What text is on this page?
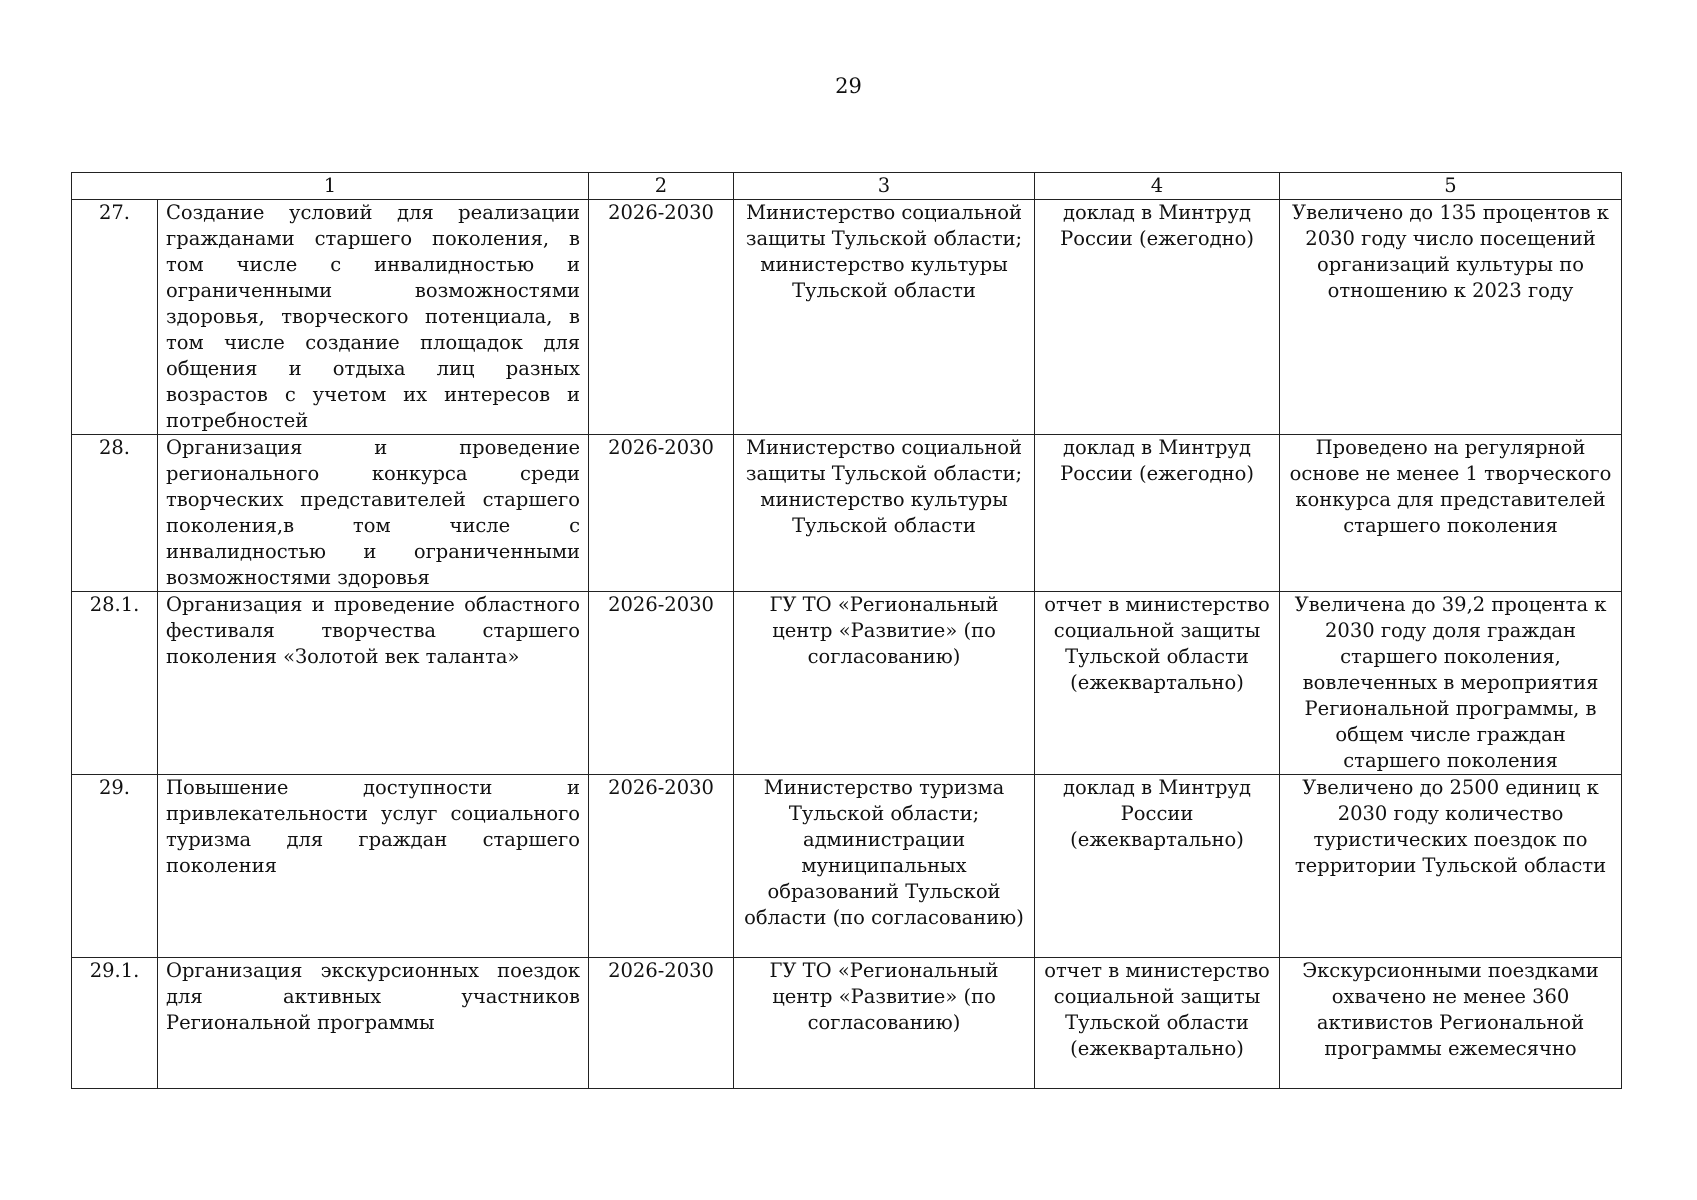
29
1		2	3	4	5
27.	Создание условий для реализации гражданами старшего поколения, в том числе с инвалидностью и ограниченными возможностями здоровья, творческого потенциала, в том числе создание площадок для общения и отдыха лиц разных возрастов с учетом их интересов и потребностей	2026-2030	Министерство социальной защиты Тульской области; министерство культуры Тульской области	доклад в Минтруд России (ежегодно)	Увеличено до 135 процентов к 2030 году число посещений организаций культуры по отношению к 2023 году
28.	Организация и проведение регионального конкурса среди творческих представителей старшего поколения,в том числе с инвалидностью и ограниченными возможностями здоровья	2026-2030	Министерство социальной защиты Тульской области; министерство культуры Тульской области	доклад в Минтруд России (ежегодно)	Проведено на регулярной основе не менее 1 творческого конкурса для представителей старшего поколения
28.1.	Организация и проведение областного фестиваля творчества старшего поколения «Золотой век таланта»	2026-2030	ГУ ТО «Региональный центр «Развитие» (по согласованию)	отчет в министерство социальной защиты Тульской области (ежеквартально)	Увеличена до 39,2 процента к 2030 году доля граждан старшего поколения, вовлеченных в мероприятия Региональной программы, в общем числе граждан старшего поколения
29.	Повышение доступности и привлекательности услуг социального туризма для граждан старшего поколения	2026-2030	Министерство туризма Тульской области; администрации муниципальных образований Тульской области (по согласованию)	доклад в Минтруд России (ежеквартально)	Увеличено до 2500 единиц к 2030 году количество туристических поездок по территории Тульской области
29.1.	Организация экскурсионных поездок для активных участников Региональной программы	2026-2030	ГУ ТО «Региональный центр «Развитие» (по согласованию)	отчет в министерство социальной защиты Тульской области (ежеквартально)	Экскурсионными поездками охвачено не менее 360 активистов Региональной программы ежемесячно
